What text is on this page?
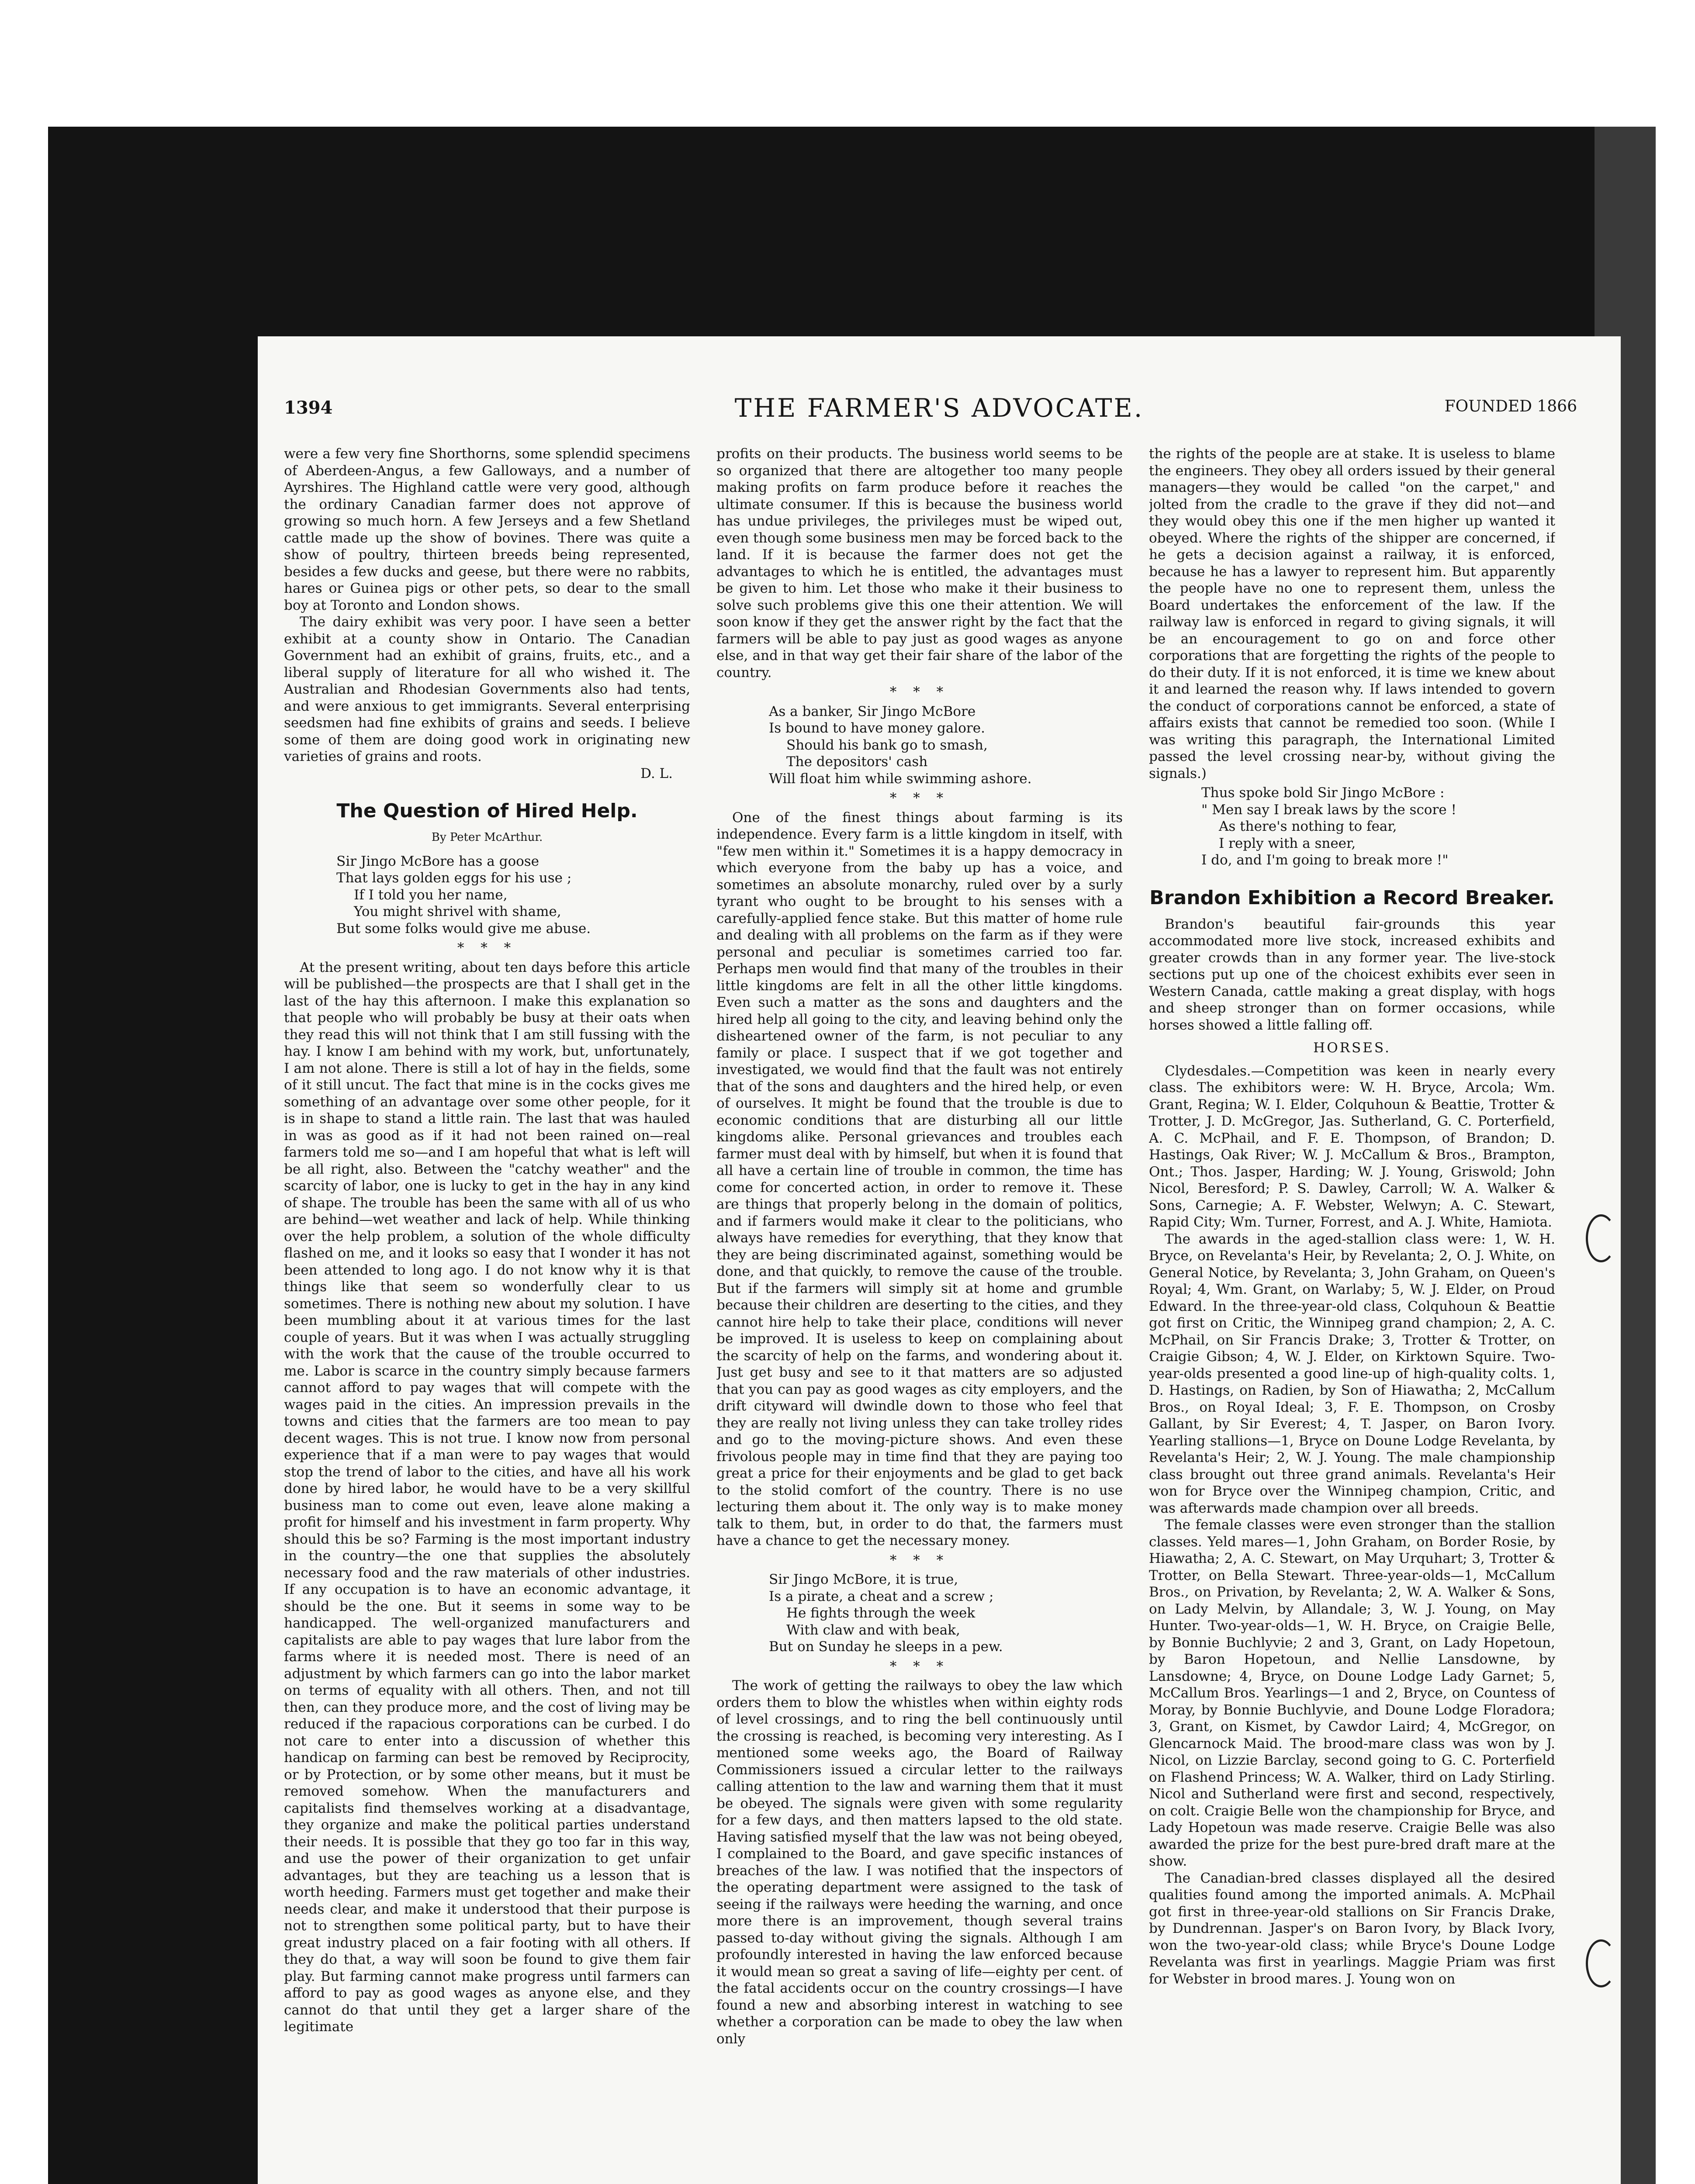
1394	THE FARMER'S ADVOCATE.	FOUNDED 1866

were a few very fine Shorthorns, some splendid specimens of Aberdeen-Angus, a few Galloways, and a number of Ayrshires. The Highland cattle were very good, although the ordinary Canadian farmer does not approve of growing so much horn. A few Jerseys and a few Shetland cattle made up the show of bovines. There was quite a show of poultry, thirteen breeds being represented, besides a few ducks and geese, but there were no rabbits, hares or Guinea pigs or other pets, so dear to the small boy at Toronto and London shows.

The dairy exhibit was very poor. I have seen a better exhibit at a county show in Ontario. The Canadian Government had an exhibit of grains, fruits, etc., and a liberal supply of literature for all who wished it. The Australian and Rhodesian Governments also had tents, and were anxious to get immigrants. Several enterprising seedsmen had fine exhibits of grains and seeds. I believe some of them are doing good work in originating new varieties of grains and roots.

D. L.

The Question of Hired Help.
By Peter McArthur.
Sir Jingo McBore has a goose
That lays golden eggs for his use ;
If I told you her name,
You might shrivel with shame,
But some folks would give me abuse.
* * *

At the present writing, about ten days before this article will be published—the prospects are that I shall get in the last of the hay this afternoon. I make this explanation so that people who will probably be busy at their oats when they read this will not think that I am still fussing with the hay. I know I am behind with my work, but, unfortunately, I am not alone. There is still a lot of hay in the fields, some of it still uncut. The fact that mine is in the cocks gives me something of an advantage over some other people, for it is in shape to stand a little rain. The last that was hauled in was as good as if it had not been rained on—real farmers told me so—and I am hopeful that what is left will be all right, also. Between the "catchy weather" and the scarcity of labor, one is lucky to get in the hay in any kind of shape. The trouble has been the same with all of us who are behind—wet weather and lack of help. While thinking over the help problem, a solution of the whole difficulty flashed on me, and it looks so easy that I wonder it has not been attended to long ago. I do not know why it is that things like that seem so wonderfully clear to us sometimes. There is nothing new about my solution. I have been mumbling about it at various times for the last couple of years. But it was when I was actually struggling with the work that the cause of the trouble occurred to me. Labor is scarce in the country simply because farmers cannot afford to pay wages that will compete with the wages paid in the cities. An impression prevails in the towns and cities that the farmers are too mean to pay decent wages. This is not true. I know now from personal experience that if a man were to pay wages that would stop the trend of labor to the cities, and have all his work done by hired labor, he would have to be a very skillful business man to come out even, leave alone making a profit for himself and his investment in farm property. Why should this be so? Farming is the most important industry in the country—the one that supplies the absolutely necessary food and the raw materials of other industries. If any occupation is to have an economic advantage, it should be the one. But it seems in some way to be handicapped. The well-organized manufacturers and capitalists are able to pay wages that lure labor from the farms where it is needed most. There is need of an adjustment by which farmers can go into the labor market on terms of equality with all others. Then, and not till then, can they produce more, and the cost of living may be reduced if the rapacious corporations can be curbed. I do not care to enter into a discussion of whether this handicap on farming can best be removed by Reciprocity, or by Protection, or by some other means, but it must be removed somehow. When the manufacturers and capitalists find themselves working at a disadvantage, they organize and make the political parties understand their needs. It is possible that they go too far in this way, and use the power of their organization to get unfair advantages, but they are teaching us a lesson that is worth heeding. Farmers must get together and make their needs clear, and make it understood that their purpose is not to strengthen some political party, but to have their great industry placed on a fair footing with all others. If they do that, a way will soon be found to give them fair play. But farming cannot make progress until farmers can afford to pay as good wages as anyone else, and they cannot do that until they get a larger share of the legitimate

profits on their products. The business world seems to be so organized that there are altogether too many people making profits on farm produce before it reaches the ultimate consumer. If this is because the business world has undue privileges, the privileges must be wiped out, even though some business men may be forced back to the land. If it is because the farmer does not get the advantages to which he is entitled, the advantages must be given to him. Let those who make it their business to solve such problems give this one their attention. We will soon know if they get the answer right by the fact that the farmers will be able to pay just as good wages as anyone else, and in that way get their fair share of the labor of the country.

* * *
As a banker, Sir Jingo McBore
Is bound to have money galore.
Should his bank go to smash,
The depositors' cash
Will float him while swimming ashore.
* * *

One of the finest things about farming is its independence. Every farm is a little kingdom in itself, with "few men within it." Sometimes it is a happy democracy in which everyone from the baby up has a voice, and sometimes an absolute monarchy, ruled over by a surly tyrant who ought to be brought to his senses with a carefully-applied fence stake. But this matter of home rule and dealing with all problems on the farm as if they were personal and peculiar is sometimes carried too far. Perhaps men would find that many of the troubles in their little kingdoms are felt in all the other little kingdoms. Even such a matter as the sons and daughters and the hired help all going to the city, and leaving behind only the disheartened owner of the farm, is not peculiar to any family or place. I suspect that if we got together and investigated, we would find that the fault was not entirely that of the sons and daughters and the hired help, or even of ourselves. It might be found that the trouble is due to economic conditions that are disturbing all our little kingdoms alike. Personal grievances and troubles each farmer must deal with by himself, but when it is found that all have a certain line of trouble in common, the time has come for concerted action, in order to remove it. These are things that properly belong in the domain of politics, and if farmers would make it clear to the politicians, who always have remedies for everything, that they know that they are being discriminated against, something would be done, and that quickly, to remove the cause of the trouble. But if the farmers will simply sit at home and grumble because their children are deserting to the cities, and they cannot hire help to take their place, conditions will never be improved. It is useless to keep on complaining about the scarcity of help on the farms, and wondering about it. Just get busy and see to it that matters are so adjusted that you can pay as good wages as city employers, and the drift cityward will dwindle down to those who feel that they are really not living unless they can take trolley rides and go to the moving-picture shows. And even these frivolous people may in time find that they are paying too great a price for their enjoyments and be glad to get back to the stolid comfort of the country. There is no use lecturing them about it. The only way is to make money talk to them, but, in order to do that, the farmers must have a chance to get the necessary money.

* * *
Sir Jingo McBore, it is true,
Is a pirate, a cheat and a screw ;
He fights through the week
With claw and with beak,
But on Sunday he sleeps in a pew.
* * *

The work of getting the railways to obey the law which orders them to blow the whistles when within eighty rods of level crossings, and to ring the bell continuously until the crossing is reached, is becoming very interesting. As I mentioned some weeks ago, the Board of Railway Commissioners issued a circular letter to the railways calling attention to the law and warning them that it must be obeyed. The signals were given with some regularity for a few days, and then matters lapsed to the old state. Having satisfied myself that the law was not being obeyed, I complained to the Board, and gave specific instances of breaches of the law. I was notified that the inspectors of the operating department were assigned to the task of seeing if the railways were heeding the warning, and once more there is an improvement, though several trains passed to-day without giving the signals. Although I am profoundly interested in having the law enforced because it would mean so great a saving of life—eighty per cent. of the fatal accidents occur on the country crossings—I have found a new and absorbing interest in watching to see whether a corporation can be made to obey the law when only

the rights of the people are at stake. It is useless to blame the engineers. They obey all orders issued by their general managers—they would be called "on the carpet," and jolted from the cradle to the grave if they did not—and they would obey this one if the men higher up wanted it obeyed. Where the rights of the shipper are concerned, if he gets a decision against a railway, it is enforced, because he has a lawyer to represent him. But apparently the people have no one to represent them, unless the Board undertakes the enforcement of the law. If the railway law is enforced in regard to giving signals, it will be an encouragement to go on and force other corporations that are forgetting the rights of the people to do their duty. If it is not enforced, it is time we knew about it and learned the reason why. If laws intended to govern the conduct of corporations cannot be enforced, a state of affairs exists that cannot be remedied too soon. (While I was writing this paragraph, the International Limited passed the level crossing near-by, without giving the signals.)

Thus spoke bold Sir Jingo McBore :
" Men say I break laws by the score !
As there's nothing to fear,
I reply with a sneer,
I do, and I'm going to break more !"
Brandon Exhibition a Record Breaker.

Brandon's beautiful fair-grounds this year accommodated more live stock, increased exhibits and greater crowds than in any former year. The live-stock sections put up one of the choicest exhibits ever seen in Western Canada, cattle making a great display, with hogs and sheep stronger than on former occasions, while horses showed a little falling off.

HORSES.

Clydesdales.—Competition was keen in nearly every class. The exhibitors were: W. H. Bryce, Arcola; Wm. Grant, Regina; W. I. Elder, Colquhoun & Beattie, Trotter & Trotter, J. D. McGregor, Jas. Sutherland, G. C. Porterfield, A. C. McPhail, and F. E. Thompson, of Brandon; D. Hastings, Oak River; W. J. McCallum & Bros., Brampton, Ont.; Thos. Jasper, Harding; W. J. Young, Griswold; John Nicol, Beresford; P. S. Dawley, Carroll; W. A. Walker & Sons, Carnegie; A. F. Webster, Welwyn; A. C. Stewart, Rapid City; Wm. Turner, Forrest, and A. J. White, Hamiota.

The awards in the aged-stallion class were: 1, W. H. Bryce, on Revelanta's Heir, by Revelanta; 2, O. J. White, on General Notice, by Revelanta; 3, John Graham, on Queen's Royal; 4, Wm. Grant, on Warlaby; 5, W. J. Elder, on Proud Edward. In the three-year-old class, Colquhoun & Beattie got first on Critic, the Winnipeg grand champion; 2, A. C. McPhail, on Sir Francis Drake; 3, Trotter & Trotter, on Craigie Gibson; 4, W. J. Elder, on Kirktown Squire. Two-year-olds presented a good line-up of high-quality colts. 1, D. Hastings, on Radien, by Son of Hiawatha; 2, McCallum Bros., on Royal Ideal; 3, F. E. Thompson, on Crosby Gallant, by Sir Everest; 4, T. Jasper, on Baron Ivory. Yearling stallions—1, Bryce on Doune Lodge Revelanta, by Revelanta's Heir; 2, W. J. Young. The male championship class brought out three grand animals. Revelanta's Heir won for Bryce over the Winnipeg champion, Critic, and was afterwards made champion over all breeds.

The female classes were even stronger than the stallion classes. Yeld mares—1, John Graham, on Border Rosie, by Hiawatha; 2, A. C. Stewart, on May Urquhart; 3, Trotter & Trotter, on Bella Stewart. Three-year-olds—1, McCallum Bros., on Privation, by Revelanta; 2, W. A. Walker & Sons, on Lady Melvin, by Allandale; 3, W. J. Young, on May Hunter. Two-year-olds—1, W. H. Bryce, on Craigie Belle, by Bonnie Buchlyvie; 2 and 3, Grant, on Lady Hopetoun, by Baron Hopetoun, and Nellie Lansdowne, by Lansdowne; 4, Bryce, on Doune Lodge Lady Garnet; 5, McCallum Bros. Yearlings—1 and 2, Bryce, on Countess of Moray, by Bonnie Buchlyvie, and Doune Lodge Floradora; 3, Grant, on Kismet, by Cawdor Laird; 4, McGregor, on Glencarnock Maid. The brood-mare class was won by J. Nicol, on Lizzie Barclay, second going to G. C. Porterfield on Flashend Princess; W. A. Walker, third on Lady Stirling. Nicol and Sutherland were first and second, respectively, on colt. Craigie Belle won the championship for Bryce, and Lady Hopetoun was made reserve. Craigie Belle was also awarded the prize for the best pure-bred draft mare at the show.

The Canadian-bred classes displayed all the desired qualities found among the imported animals. A. McPhail got first in three-year-old stallions on Sir Francis Drake, by Dundrennan. Jasper's on Baron Ivory, by Black Ivory, won the two-year-old class; while Bryce's Doune Lodge Revelanta was first in yearlings. Maggie Priam was first for Webster in brood mares. J. Young won on
